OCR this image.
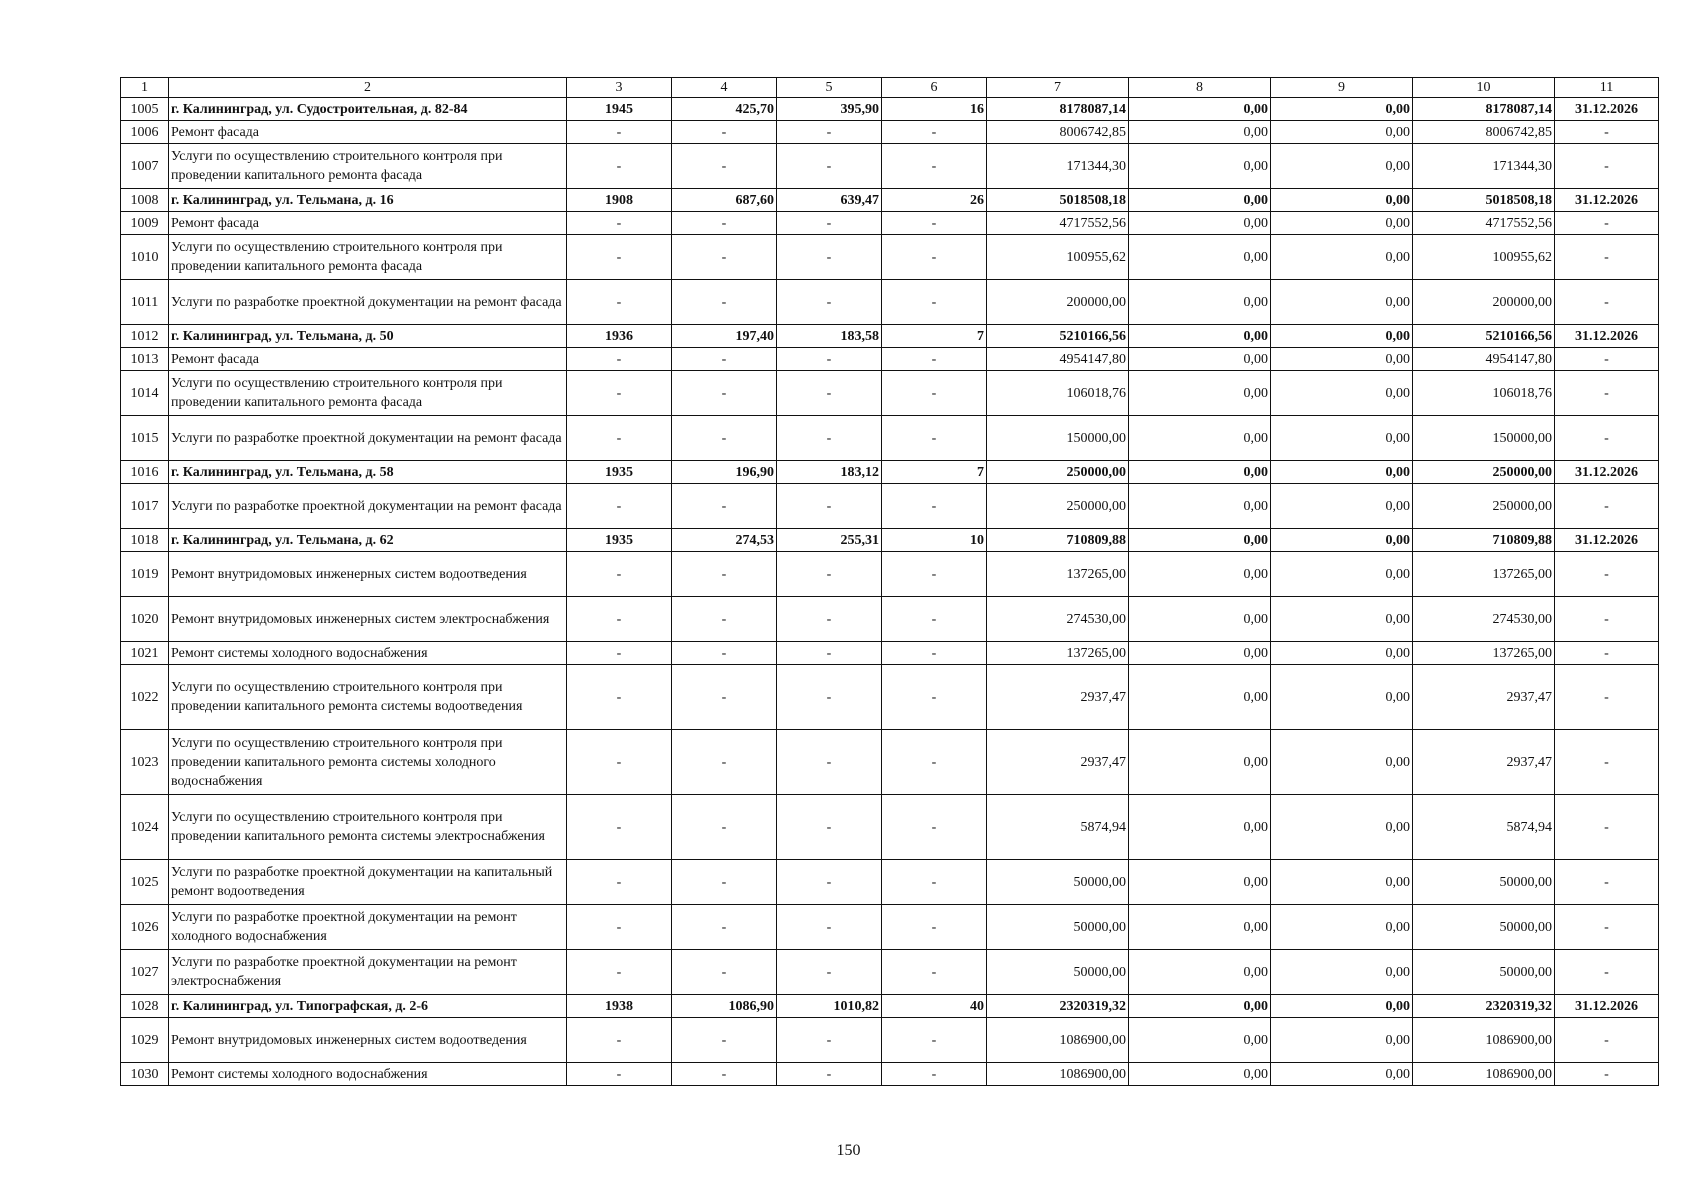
1	2	3	4	5	6	7	8	9	10	11
1005	г. Калининград, ул. Судостроительная, д. 82-84	1945	425,70	395,90	16	8178087,14	0,00	0,00	8178087,14	31.12.2026
1006	Ремонт фасада	-	-	-	-	8006742,85	0,00	0,00	8006742,85	-
1007	Услуги по осуществлению строительного контроля при проведении капитального ремонта фасада	-	-	-	-	171344,30	0,00	0,00	171344,30	-
1008	г. Калининград, ул. Тельмана, д. 16	1908	687,60	639,47	26	5018508,18	0,00	0,00	5018508,18	31.12.2026
1009	Ремонт фасада	-	-	-	-	4717552,56	0,00	0,00	4717552,56	-
1010	Услуги по осуществлению строительного контроля при проведении капитального ремонта фасада	-	-	-	-	100955,62	0,00	0,00	100955,62	-
1011	Услуги по разработке проектной документации на ремонт фасада	-	-	-	-	200000,00	0,00	0,00	200000,00	-
1012	г. Калининград, ул. Тельмана, д. 50	1936	197,40	183,58	7	5210166,56	0,00	0,00	5210166,56	31.12.2026
1013	Ремонт фасада	-	-	-	-	4954147,80	0,00	0,00	4954147,80	-
1014	Услуги по осуществлению строительного контроля при проведении капитального ремонта фасада	-	-	-	-	106018,76	0,00	0,00	106018,76	-
1015	Услуги по разработке проектной документации на ремонт фасада	-	-	-	-	150000,00	0,00	0,00	150000,00	-
1016	г. Калининград, ул. Тельмана, д. 58	1935	196,90	183,12	7	250000,00	0,00	0,00	250000,00	31.12.2026
1017	Услуги по разработке проектной документации на ремонт фасада	-	-	-	-	250000,00	0,00	0,00	250000,00	-
1018	г. Калининград, ул. Тельмана, д. 62	1935	274,53	255,31	10	710809,88	0,00	0,00	710809,88	31.12.2026
1019	Ремонт внутридомовых инженерных систем водоотведения	-	-	-	-	137265,00	0,00	0,00	137265,00	-
1020	Ремонт внутридомовых инженерных систем электроснабжения	-	-	-	-	274530,00	0,00	0,00	274530,00	-
1021	Ремонт системы холодного водоснабжения	-	-	-	-	137265,00	0,00	0,00	137265,00	-
1022	Услуги по осуществлению строительного контроля при проведении капитального ремонта системы водоотведения	-	-	-	-	2937,47	0,00	0,00	2937,47	-
1023	Услуги по осуществлению строительного контроля при проведении капитального ремонта системы холодного водоснабжения	-	-	-	-	2937,47	0,00	0,00	2937,47	-
1024	Услуги по осуществлению строительного контроля при проведении капитального ремонта системы электроснабжения	-	-	-	-	5874,94	0,00	0,00	5874,94	-
1025	Услуги по разработке проектной документации на капитальный ремонт водоотведения	-	-	-	-	50000,00	0,00	0,00	50000,00	-
1026	Услуги по разработке проектной документации на ремонт холодного водоснабжения	-	-	-	-	50000,00	0,00	0,00	50000,00	-
1027	Услуги по разработке проектной документации на ремонт электроснабжения	-	-	-	-	50000,00	0,00	0,00	50000,00	-
1028	г. Калининград, ул. Типографская, д. 2-6	1938	1086,90	1010,82	40	2320319,32	0,00	0,00	2320319,32	31.12.2026
1029	Ремонт внутридомовых инженерных систем водоотведения	-	-	-	-	1086900,00	0,00	0,00	1086900,00	-
1030	Ремонт системы холодного водоснабжения	-	-	-	-	1086900,00	0,00	0,00	1086900,00	-
150
